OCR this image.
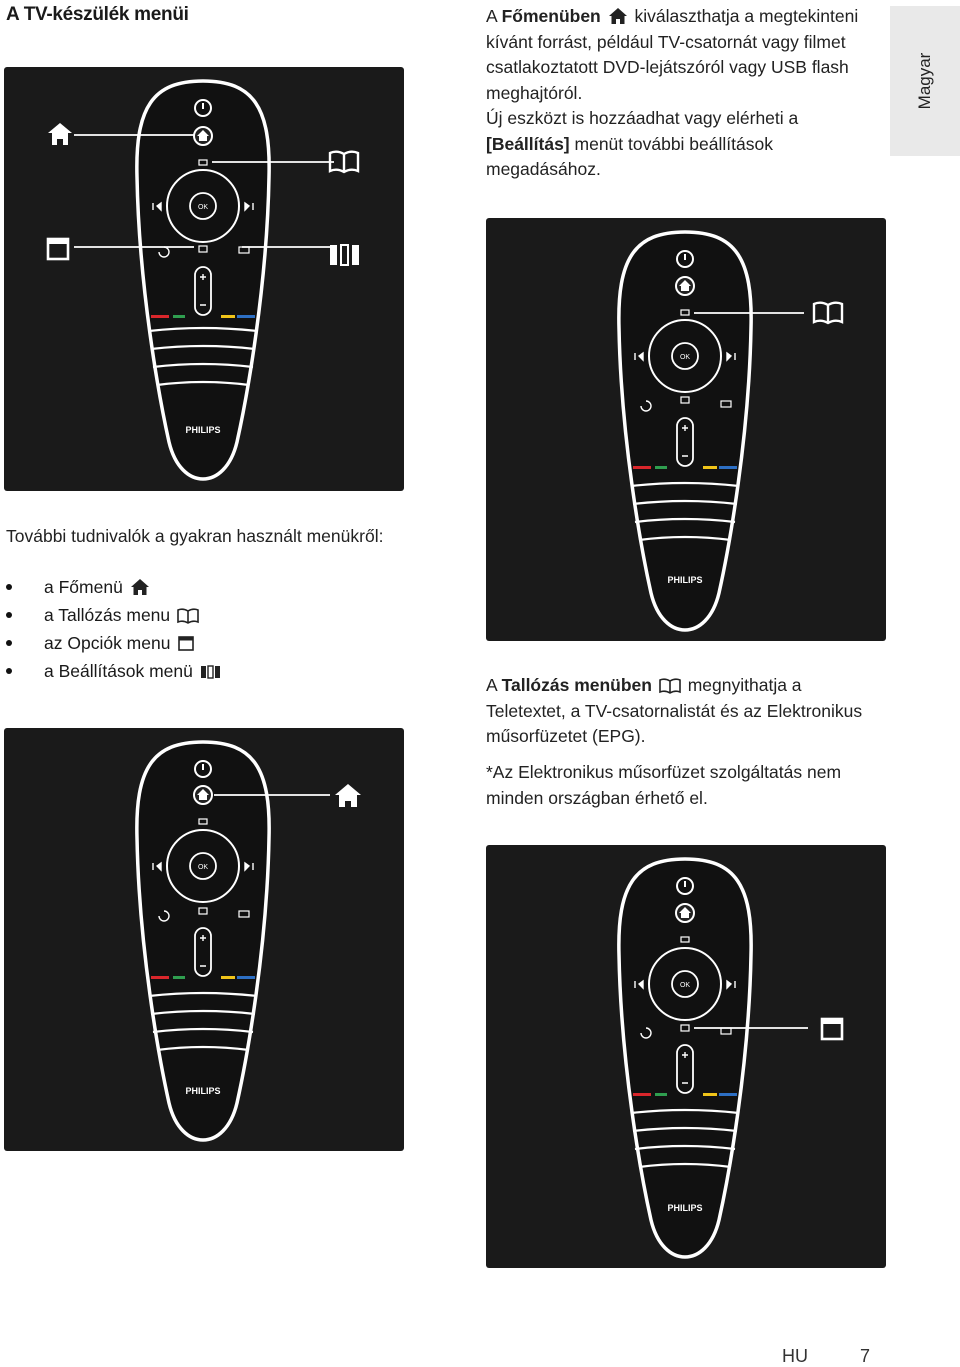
A TV-készülék menüi
Magyar
A Főmenüben  kiválaszthatja a megtekinteni kívánt forrást, például TV-csatornát vagy filmet csatlakoztatott DVD-lejátszóról vagy USB flash meghajtóról.
Új eszközt is hozzáadhat vagy elérheti a [Beállítás] menüt további beállítások megadásához.
További tudnivalók a gyakran használt menükről:
a Főmenü
a Tallózás menu
az Opciók menu
a Beállítások menü
A Tallózás menüben  megnyithatja a Teletextet, a TV-csatornalistát és az Elektronikus műsorfüzetet (EPG).
*Az Elektronikus műsorfüzet szolgáltatás nem minden országban érhető el.
HU	7
OK
PHILIPS
OK
PHILIPS
OK
PHILIPS
OK
PHILIPS
